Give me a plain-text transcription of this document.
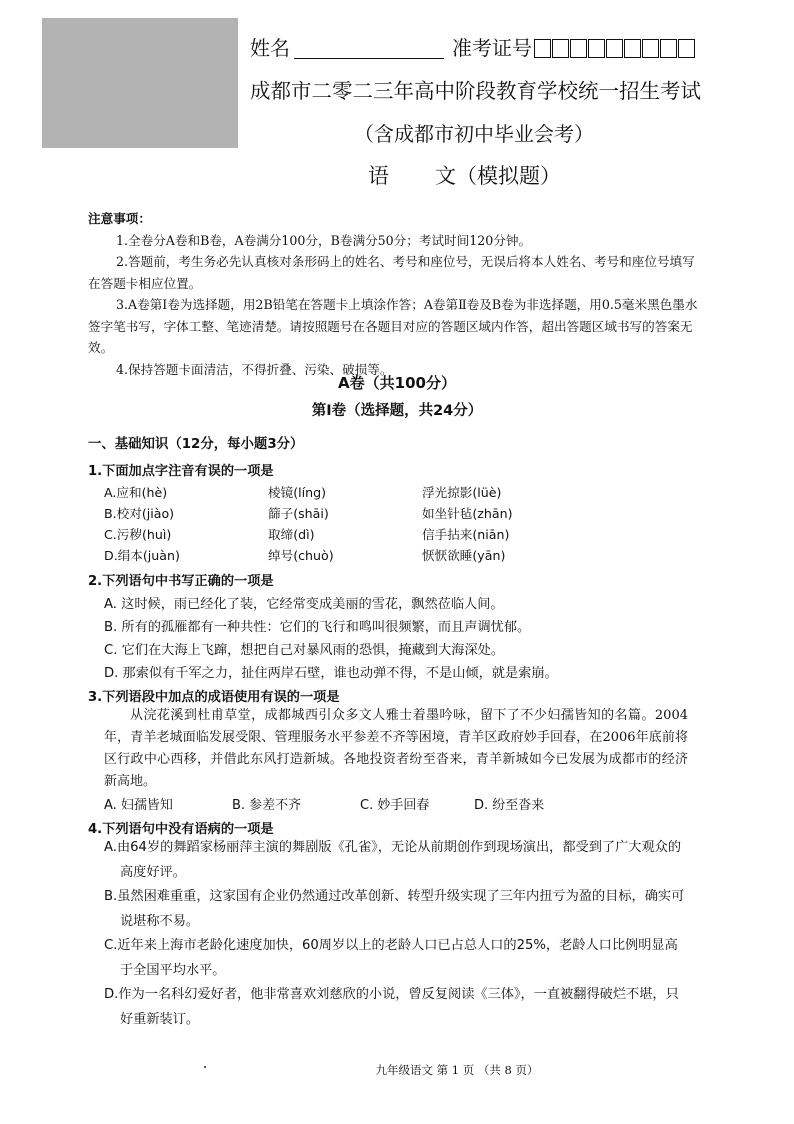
姓名	准考证号
成都市二零二三年高中阶段教育学校统一招生考试
（含成都市初中毕业会考）
语 文（模拟题）

注意事项：

1.全卷分A卷和B卷，A卷满分100分，B卷满分50分；考试时间120分钟。

2.答题前，考生务必先认真核对条形码上的姓名、考号和座位号，无误后将本人姓名、考号和座位号填写在答题卡相应位置。

3.A卷第Ⅰ卷为选择题，用2B铅笔在答题卡上填涂作答；A卷第Ⅱ卷及B卷为非选择题，用0.5毫米黑色墨水签字笔书写，字体工整、笔迹清楚。请按照题号在各题目对应的答题区域内作答，超出答题区域书写的答案无效。

4.保持答题卡面清洁，不得折叠、污染、破损等。

A卷（共100分）
第Ⅰ卷（选择题，共24分）
一、基础知识（12分，每小题3分）
1.下面加点字注音有误的一项是
A.应和(hè)	棱镜(líng)	浮光掠影(lüè)
B.校对(jiào)	篩子(shāi)	如坐针毡(zhān)
C.污秽(huì)	取缔(dì)	信手拈来(niān)
D.绢本(juàn)	绰号(chuò)	恹恹欲睡(yān)
2.下列语句中书写正确的一项是
A. 这时候，雨已经化了装，它经常变成美丽的雪花，飘然莅临人间。
B. 所有的孤雁都有一种共性：它们的飞行和鸣叫很频繁，而且声调忧郁。
C. 它们在大海上飞蹿，想把自己对暴风雨的恐惧，掩藏到大海深处。
D. 那索似有千军之力，扯住两岸石壁，谁也动弹不得，不是山倾，就是索崩。
3.下列语段中加点的成语使用有误的一项是
从浣花溪到杜甫草堂，成都城西引众多文人雅士着墨吟咏，留下了不少妇孺皆知的名篇。2004年，青羊老城面临发展受限、管理服务水平参差不齐等困境，青羊区政府妙手回春，在2006年底前将区行政中心西移，并借此东风打造新城。各地投资者纷至沓来，青羊新城如今已发展为成都市的经济新高地。
A. 妇孺皆知	B. 参差不齐	C. 妙手回春	D. 纷至沓来
4.下列语句中没有语病的一项是

A.由64岁的舞蹈家杨丽萍主演的舞剧版《孔雀》，无论从前期创作到现场演出，都受到了广大观众的高度好评。

B.虽然困难重重，这家国有企业仍然通过改革创新、转型升级实现了三年内扭亏为盈的目标，确实可说堪称不易。

C.近年来上海市老龄化速度加快，60周岁以上的老龄人口已占总人口的25%，老龄人口比例明显高于全国平均水平。

D.作为一名科幻爱好者，他非常喜欢刘慈欣的小说，曾反复阅读《三体》，一直被翻得破烂不堪，只好重新装订。

九年级语文 第 1 页 （共 8 页）
